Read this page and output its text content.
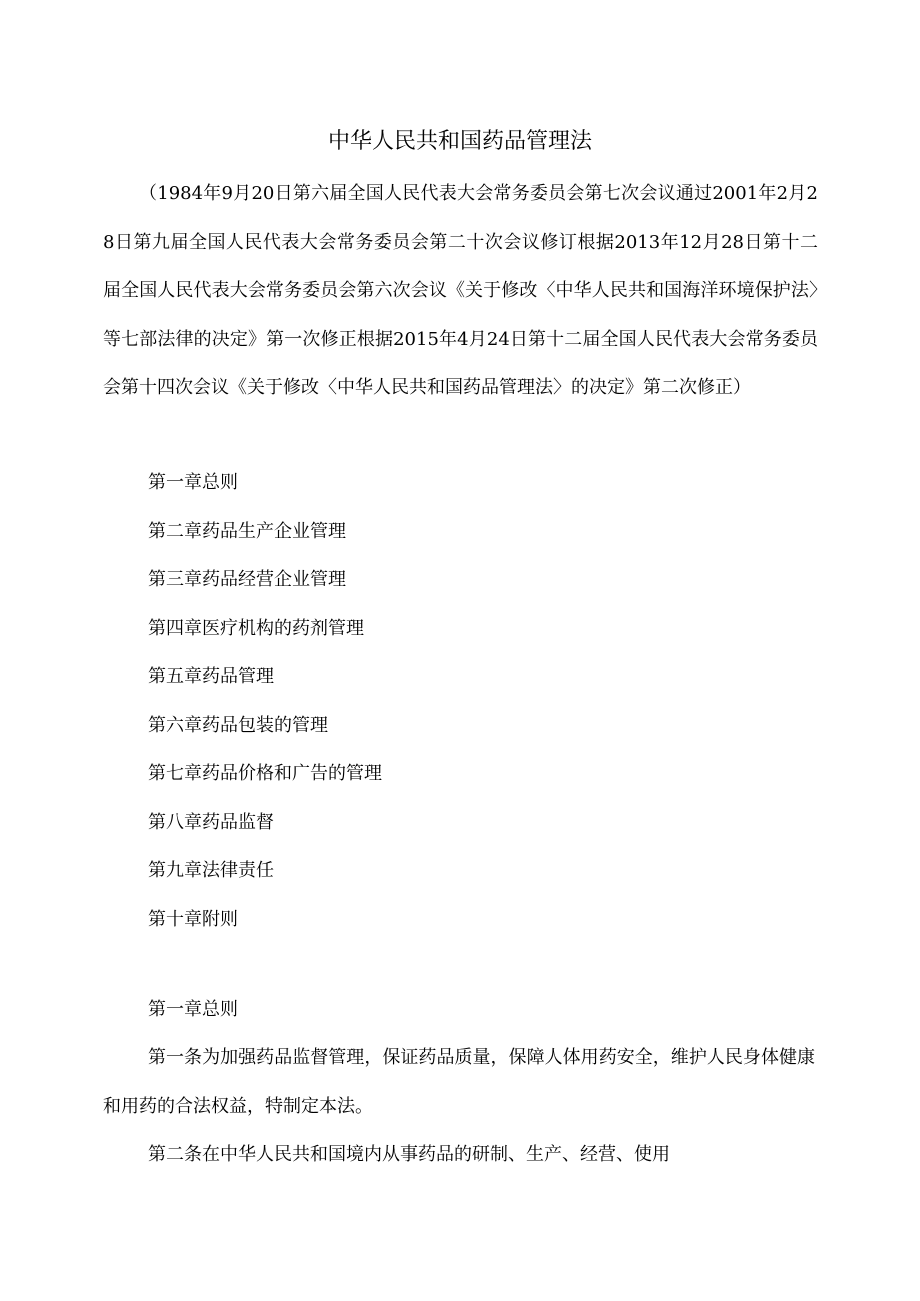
中华人民共和国药品管理法

（1984年9月20日第六届全国人民代表大会常务委员会第七次会议通过2001年2月28日第九届全国人民代表大会常务委员会第二十次会议修订根据2013年12月28日第十二届全国人民代表大会常务委员会第六次会议《关于修改〈中华人民共和国海洋环境保护法〉等七部法律的决定》第一次修正根据2015年4月24日第十二届全国人民代表大会常务委员会第十四次会议《关于修改〈中华人民共和国药品管理法〉的决定》第二次修正）

第一章总则
第二章药品生产企业管理
第三章药品经营企业管理
第四章医疗机构的药剂管理
第五章药品管理
第六章药品包装的管理
第七章药品价格和广告的管理
第八章药品监督
第九章法律责任
第十章附则
第一章总则

第一条为加强药品监督管理，保证药品质量，保障人体用药安全，维护人民身体健康和用药的合法权益，特制定本法。

第二条在中华人民共和国境内从事药品的研制、生产、经营、使用
